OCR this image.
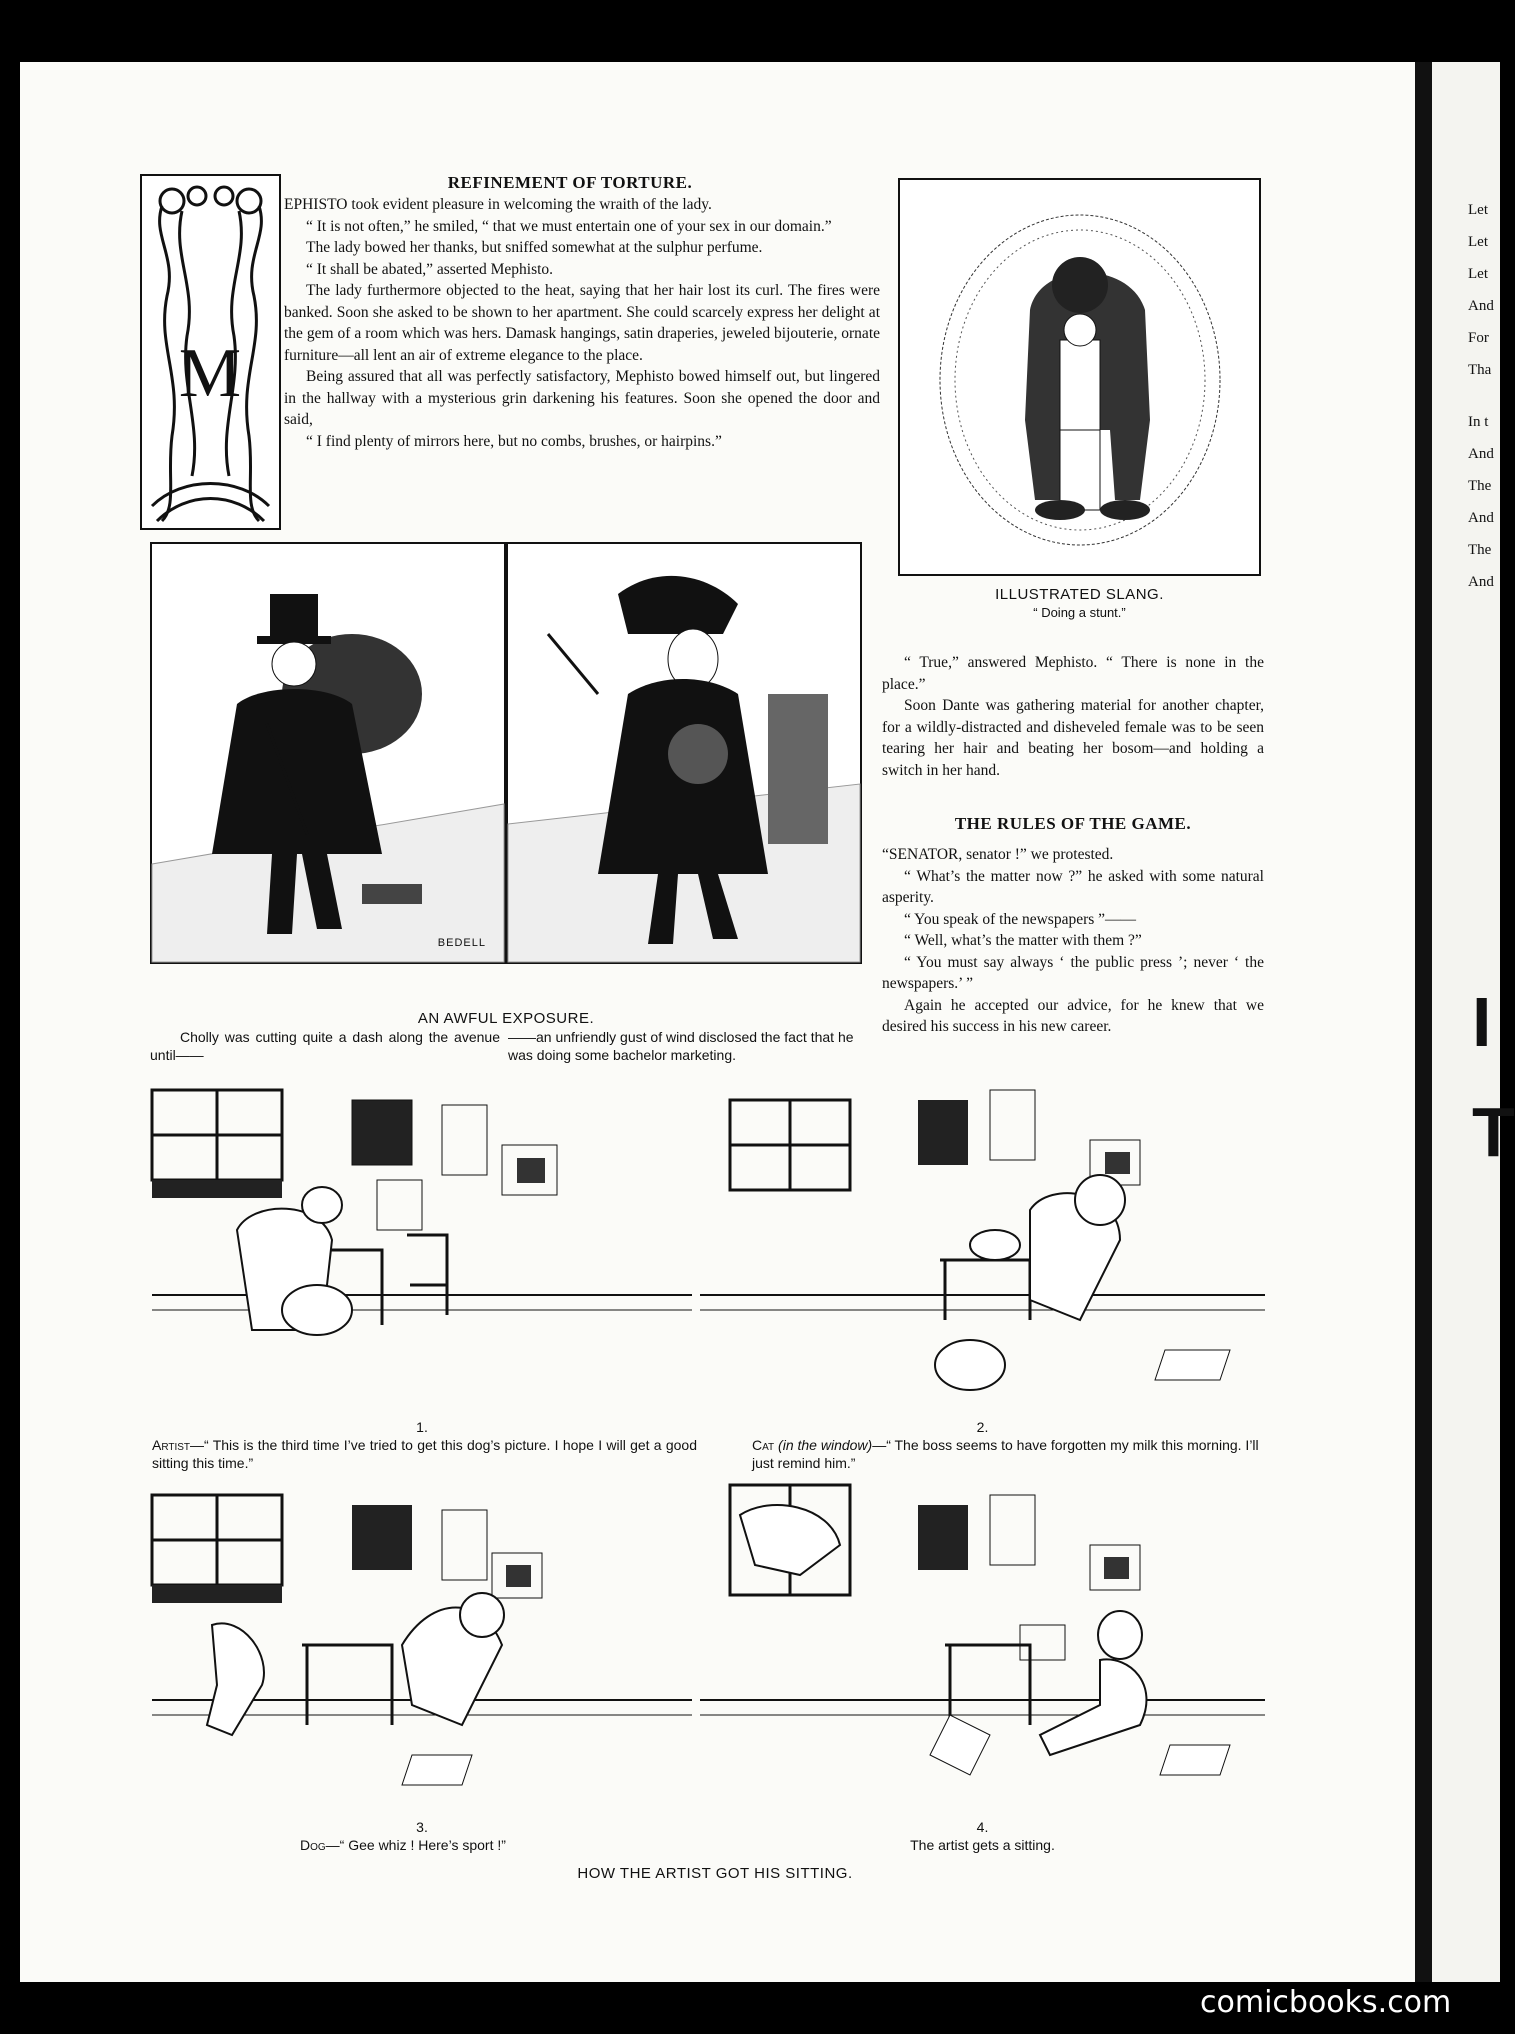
Let
Let
Let
And
For
Tha
In t
And
The
And
The
And
I
T
M
REFINEMENT OF TORTURE.

EPHISTO took evident pleasure in welcoming the wraith of the lady.

“ It is not often,” he smiled, “ that we must entertain one of your sex in our domain.”

The lady bowed her thanks, but sniffed somewhat at the sulphur perfume.

“ It shall be abated,” asserted Mephisto.

The lady furthermore objected to the heat, saying that her hair lost its curl. The fires were banked. Soon she asked to be shown to her apartment. She could scarcely express her delight at the gem of a room which was hers. Damask hangings, satin draperies, jeweled bijouterie, ornate furniture—all lent an air of extreme elegance to the place.

Being assured that all was perfectly satisfactory, Mephisto bowed himself out, but lingered in the hallway with a mysterious grin darkening his features. Soon she opened the door and said,

“ I find plenty of mirrors here, but no combs, brushes, or hairpins.”

ILLUSTRATED SLANG.
“ Doing a stunt.”

“ True,” answered Mephisto. “ There is none in the place.”

Soon Dante was gathering material for another chapter, for a wildly-distracted and disheveled female was to be seen tearing her hair and beating her bosom—and holding a switch in her hand.

THE RULES OF THE GAME.

“SENATOR, senator !” we protested.

“ What’s the matter now ?” he asked with some natural asperity.

“ You speak of the newspapers ”——

“ Well, what’s the matter with them ?”

“ You must say always ‘ the public press ’; never ‘ the newspapers.’ ”

Again he accepted our advice, for he knew that we desired his success in his new career.

BEDELL
AN AWFUL EXPOSURE.
Cholly was cutting quite a dash along the avenue until——
——an unfriendly gust of wind disclosed the fact that he was doing some bachelor marketing.
1.
Artist—“ This is the third time I’ve tried to get this dog’s picture. I hope I will get a good sitting this time.”
2.
Cat (in the window)—“ The boss seems to have forgotten my milk this morning. I’ll just remind him.”
3.
Dog—“ Gee whiz ! Here’s sport !”
4.
The artist gets a sitting.
HOW THE ARTIST GOT HIS SITTING.
comicbooks.com
